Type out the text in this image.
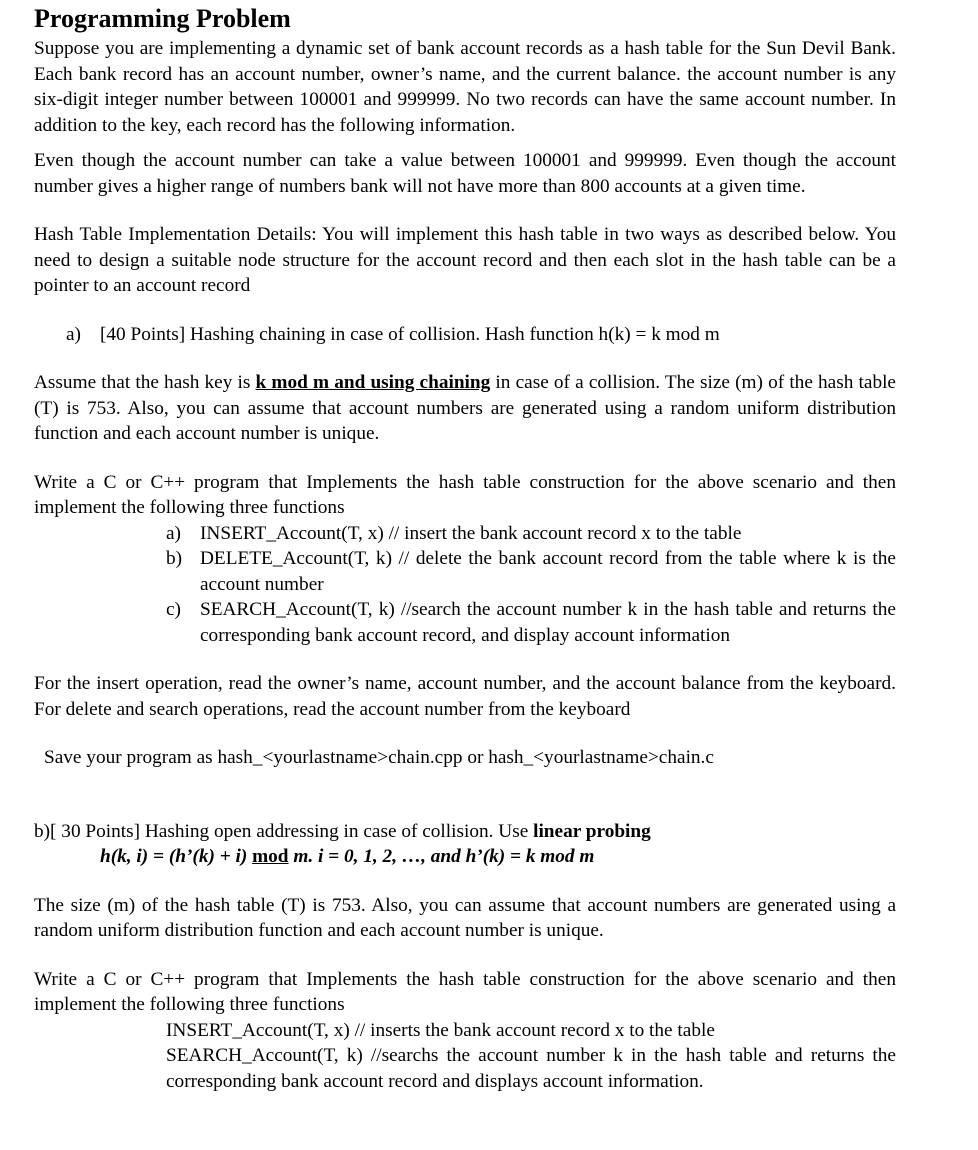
Programming Problem

Suppose you are implementing a dynamic set of bank account records as a hash table for the Sun Devil Bank. Each bank record has an account number, owner’s name, and the current balance. the account number is any six-digit integer number between 100001 and 999999. No two records can have the same account number. In addition to the key, each record has the following information.

Even though the account number can take a value between 100001 and 999999. Even though the account number gives a higher range of numbers bank will not have more than 800 accounts at a given time.

Hash Table Implementation Details: You will implement this hash table in two ways as described below. You need to design a suitable node structure for the account record and then each slot in the hash table can be a pointer to an account record

a) [40 Points] Hashing chaining in case of collision. Hash function h(k) = k mod m

Assume that the hash key is k mod m and using chaining in case of a collision. The size (m) of the hash table (T) is 753. Also, you can assume that account numbers are generated using a random uniform distribution function and each account number is unique.

Write a C or C++ program that Implements the hash table construction for the above scenario and then implement the following three functions

a) INSERT_Account(T, x) // insert the bank account record x to the table
b) DELETE_Account(T, k) // delete the bank account record from the table where k is the account number
c) SEARCH_Account(T, k) //search the account number k in the hash table and returns the corresponding bank account record, and display account information

For the insert operation, read the owner’s name, account number, and the account balance from the keyboard. For delete and search operations, read the account number from the keyboard

Save your program as hash_<yourlastname>chain.cpp or hash_<yourlastname>chain.c

b)[ 30 Points] Hashing open addressing in case of collision. Use linear probing

h(k, i) = (h’(k) + i) mod m. i = 0, 1, 2, …, and h’(k) = k mod m

The size (m) of the hash table (T) is 753. Also, you can assume that account numbers are generated using a random uniform distribution function and each account number is unique.

Write a C or C++ program that Implements the hash table construction for the above scenario and then implement the following three functions

INSERT_Account(T, x) // inserts the bank account record x to the table

SEARCH_Account(T, k) //searchs the account number k in the hash table and returns the corresponding bank account record and displays account information.
